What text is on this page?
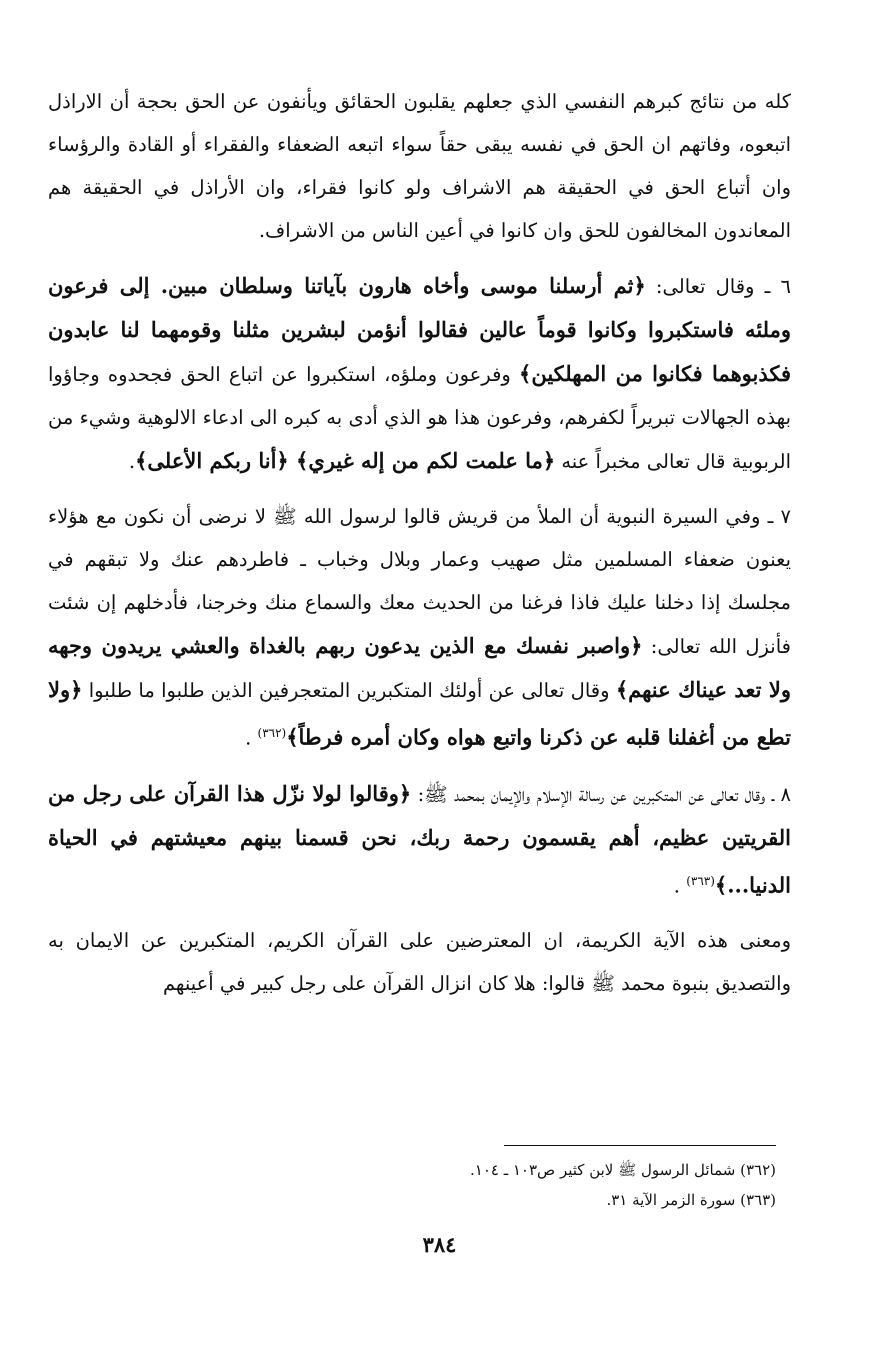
كله من نتائج كبرهم النفسي الذي جعلهم يقلبون الحقائق ويأنفون عن الحق بحجة أن الاراذل اتبعوه، وفاتهم ان الحق في نفسه يبقى حقاً سواء اتبعه الضعفاء والفقراء أو القادة والرؤساء وان أتباع الحق في الحقيقة هم الاشراف ولو كانوا فقراء، وان الأراذل في الحقيقة هم المعاندون المخالفون للحق وان كانوا في أعين الناس من الاشراف.

٦ ـ وقال تعالى: ﴿ثم أرسلنا موسى وأخاه هارون بآياتنا وسلطان مبين. إلى فرعون وملئه فاستكبروا وكانوا قوماً عالين فقالوا أنؤمن لبشرين مثلنا وقومهما لنا عابدون فكذبوهما فكانوا من المهلكين﴾ وفرعون وملؤه، استكبروا عن اتباع الحق فجحدوه وجاؤوا بهذه الجهالات تبريراً لكفرهم، وفرعون هذا هو الذي أدى به كبره الى ادعاء الالوهية وشيء من الربوبية قال تعالى مخبراً عنه ﴿ما علمت لكم من إله غيري﴾ ﴿أنا ربكم الأعلى﴾.

٧ ـ وفي السيرة النبوية أن الملأ من قريش قالوا لرسول الله ﷺ لا نرضى أن نكون مع هؤلاء يعنون ضعفاء المسلمين مثل صهيب وعمار وبلال وخباب ـ فاطردهم عنك ولا تبقهم في مجلسك إذا دخلنا عليك فاذا فرغنا من الحديث معك والسماع منك وخرجنا، فأدخلهم إن شئت فأنزل الله تعالى: ﴿واصبر نفسك مع الذين يدعون ربهم بالغداة والعشي يريدون وجهه ولا تعد عيناك عنهم﴾ وقال تعالى عن أولئك المتكبرين المتعجرفين الذين طلبوا ما طلبوا ﴿ولا تطع من أغفلنا قلبه عن ذكرنا واتبع هواه وكان أمره فرطاً﴾$^{(٣٦٢)}$ .

٨ ـ وقال تعالى عن المتكبرين عن رسالة الإسلام والإيمان بمحمد ﷺ: ﴿وقالوا لولا نزّل هذا القرآن على رجل من القريتين عظيم، أهم يقسمون رحمة ربك، نحن قسمنا بينهم معيشتهم في الحياة الدنيا...﴾$^{(٣٦٣)}$ .

ومعنى هذه الآية الكريمة، ان المعترضين على القرآن الكريم، المتكبرين عن الايمان به والتصديق بنبوة محمد ﷺ قالوا: هلا كان انزال القرآن على رجل كبير في أعينهم

(٣٦٢) شمائل الرسول ﷺ لابن كثير ص١٠٣ ـ ١٠٤.
(٣٦٣) سورة الزمر الآية ٣١.
٣٨٤
